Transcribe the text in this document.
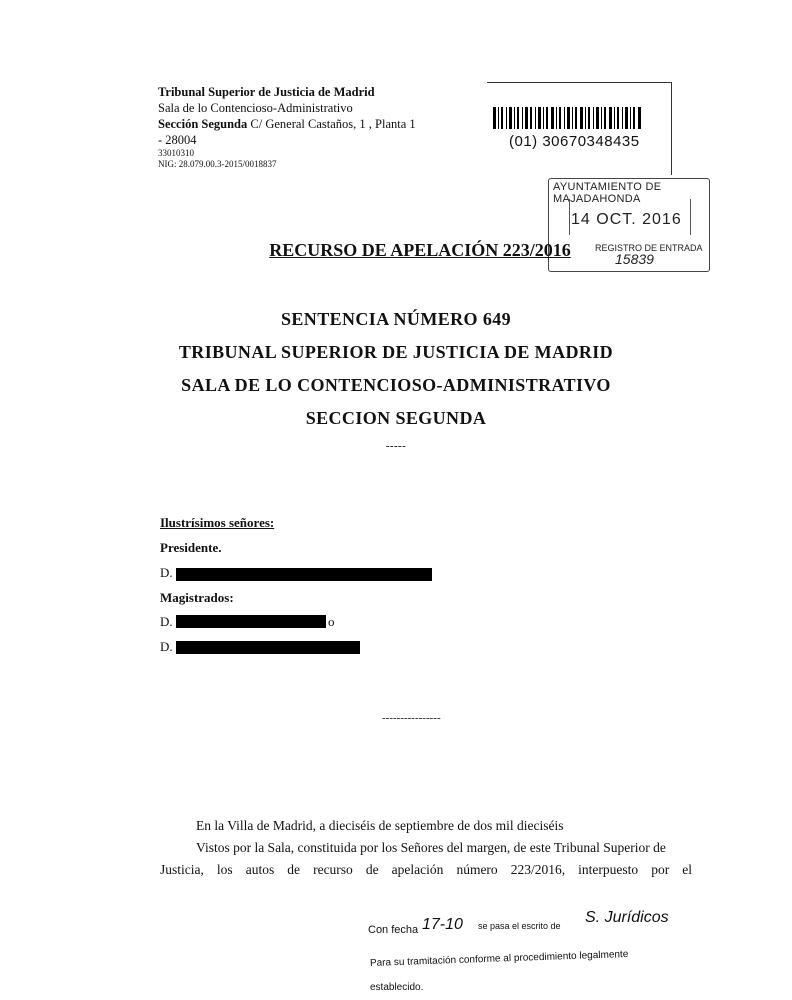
Tribunal Superior de Justicia de Madrid
Sala de lo Contencioso-Administrativo
Sección Segunda C/ General Castaños, 1 , Planta 1
- 28004
33010310
NIG: 28.079.00.3-2015/0018837
(01) 30670348435
AYUNTAMIENTO DE MAJADAHONDA
14 OCT. 2016
REGISTRO DE ENTRADA
15839
RECURSO DE APELACIÓN 223/2016
SENTENCIA NÚMERO 649
TRIBUNAL SUPERIOR DE JUSTICIA DE MADRID
SALA DE LO CONTENCIOSO-ADMINISTRATIVO
SECCION SEGUNDA
-----
Ilustrísimos señores:
Presidente.
D.
Magistrados:
D.	o
D.
----------------
En la Villa de Madrid, a dieciséis de septiembre de dos mil dieciséis
Vistos por la Sala, constituida por los Señores del margen, de este Tribunal Superior de
Justicia, los autos de recurso de apelación número 223/2016, interpuesto por el
Con fecha 17-10 se pasa el escrito de S. Jurídicos
Para su tramitación conforme al procedimiento legalmente
establecido.
